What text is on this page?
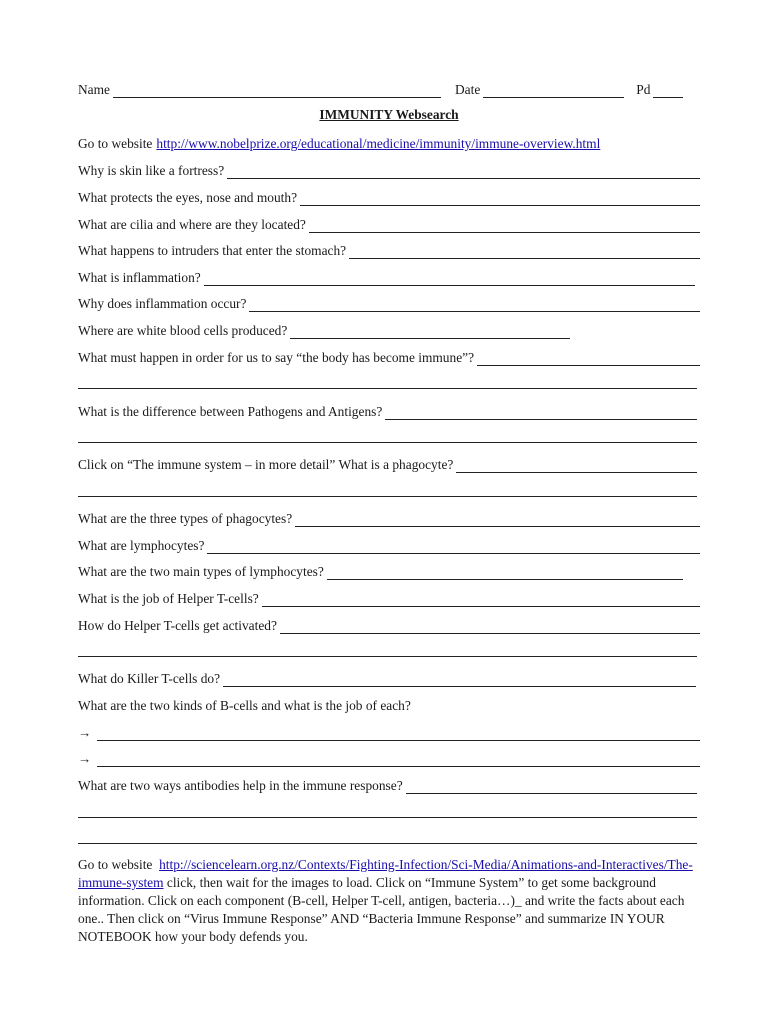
Name	Date	Pd
IMMUNITY Websearch
Go to website http://www.nobelprize.org/educational/medicine/immunity/immune-overview.html
Why is skin like a fortress?
What protects the eyes, nose and mouth?
What are cilia and where are they located?
What happens to intruders that enter the stomach?
What is inflammation?
Why does inflammation occur?
Where are white blood cells produced?
What must happen in order for us to say “the body has become immune”?
What is the difference between Pathogens and Antigens?
Click on “The immune system – in more detail” What is a phagocyte?
What are the three types of phagocytes?
What are lymphocytes?
What are the two main types of lymphocytes?
What is the job of Helper T-cells?
How do Helper T-cells get activated?
What do Killer T-cells do?
What are the two kinds of B-cells and what is the job of each?
→
→
What are two ways antibodies help in the immune response?
Go to website http://sciencelearn.org.nz/Contexts/Fighting-Infection/Sci-Media/Animations-and-Interactives/The-immune-system click, then wait for the images to load. Click on “Immune System” to get some background information. Click on each component (B-cell, Helper T-cell, antigen, bacteria…)_ and write the facts about each one.. Then click on “Virus Immune Response” AND “Bacteria Immune Response” and summarize IN YOUR NOTEBOOK how your body defends you.
